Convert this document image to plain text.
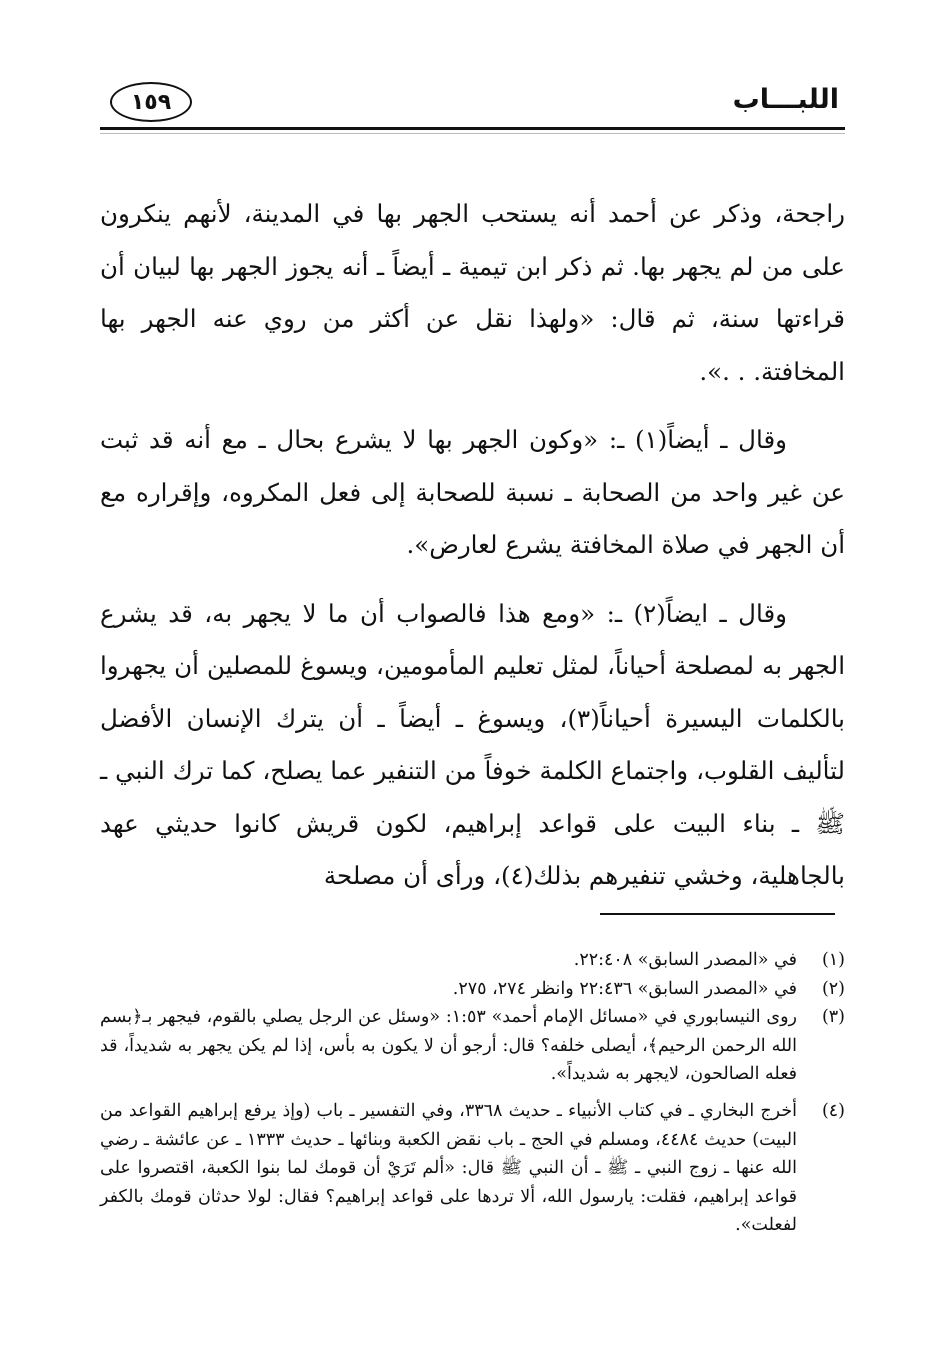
اللبـــاب
١٥٩

راجحة، وذكر عن أحمد أنه يستحب الجهر بها في المدينة، لأنهم ينكرون على من لم يجهر بها. ثم ذكر ابن تيمية ـ أيضاً ـ أنه يجوز الجهر بها لبيان أن قراءتها سنة، ثم قال: «ولهذا نقل عن أكثر من روي عنه الجهر بها المخافتة. . .».

وقال ـ أيضاً(١) ـ: «وكون الجهر بها لا يشرع بحال ـ مع أنه قد ثبت عن غير واحد من الصحابة ـ نسبة للصحابة إلى فعل المكروه، وإقراره مع أن الجهر في صلاة المخافتة يشرع لعارض».

وقال ـ ايضاً(٢) ـ: «ومع هذا فالصواب أن ما لا يجهر به، قد يشرع الجهر به لمصلحة أحياناً، لمثل تعليم المأمومين، ويسوغ للمصلين أن يجهروا بالكلمات اليسيرة أحياناً(٣)، ويسوغ ـ أيضاً ـ أن يترك الإنسان الأفضل لتأليف القلوب، واجتماع الكلمة خوفاً من التنفير عما يصلح، كما ترك النبي ـ ﷺ ـ بناء البيت على قواعد إبراهيم، لكون قريش كانوا حديثي عهد بالجاهلية، وخشي تنفيرهم بذلك(٤)، ورأى أن مصلحة

(١)
في «المصدر السابق» ٢٢:٤٠٨.
(٢)
في «المصدر السابق» ٢٢:٤٣٦ وانظر ٢٧٤، ٢٧٥.
(٣)
روى النيسابوري في «مسائل الإمام أحمد» ١:٥٣: «وسئل عن الرجل يصلي بالقوم، فيجهر بـ﴿بسم الله الرحمن الرحيم﴾، أيصلى خلفه؟ قال: أرجو أن لا يكون به بأس، إذا لم يكن يجهر به شديداً، قد فعله الصالحون، لايجهر به شديداً».
(٤)
أخرج البخاري ـ في كتاب الأنبياء ـ حديث ٣٣٦٨، وفي التفسير ـ باب (وإذ يرفع إبراهيم القواعد من البيت) حديث ٤٤٨٤، ومسلم في الحج ـ باب نقض الكعبة وبنائها ـ حديث ١٣٣٣ ـ عن عائشة ـ رضي الله عنها ـ زوج النبي ـ ﷺ ـ أن النبي ﷺ قال: «ألم تَرَيْ أن قومك لما بنوا الكعبة، اقتصروا على قواعد إبراهيم، فقلت: يارسول الله، ألا تردها على قواعد إبراهيم؟ فقال: لولا حدثان قومك بالكفر لفعلت».
